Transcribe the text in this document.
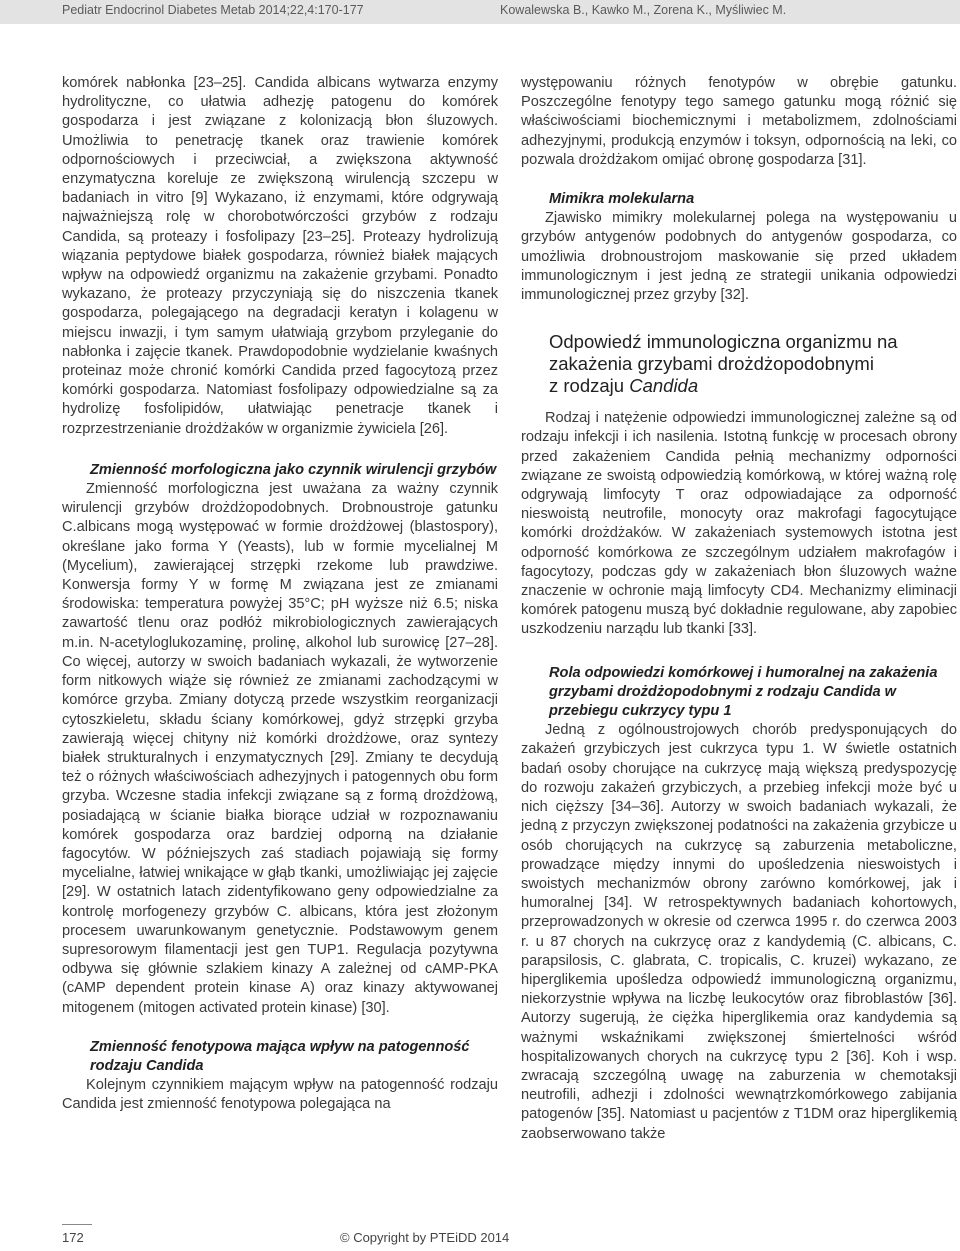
Pediatr Endocrinol Diabetes Metab 2014;22,4:170-177	Kowalewska B., Kawko M., Zorena K., Myśliwiec M.

komórek nabłonka [23–25]. Candida albicans wytwarza enzymy hydrolityczne, co ułatwia adhezję patogenu do komórek gospodarza i jest związane z kolonizacją błon śluzowych. Umożliwia to penetrację tkanek oraz trawienie komórek odpornościowych i przeciwciał, a zwiększona aktywność enzymatyczna koreluje ze zwiększoną wirulencją szczepu w badaniach in vitro [9] Wykazano, iż enzymami, które odgrywają najważniejszą rolę w chorobotwórczości grzybów z rodzaju Candida, są proteazy i fosfolipazy [23–25]. Proteazy hydrolizują wiązania peptydowe białek gospodarza, również białek mających wpływ na odpowiedź organizmu na zakażenie grzybami. Ponadto wykazano, że proteazy przyczyniają się do niszczenia tkanek gospodarza, polegającego na degradacji keratyn i kolagenu w miejscu inwazji, i tym samym ułatwiają grzybom przyleganie do nabłonka i zajęcie tkanek. Prawdopodobnie wydzielanie kwaśnych proteinaz może chronić komórki Candida przed fagocytozą przez komórki gospodarza. Natomiast fosfolipazy odpowiedzialne są za hydrolizę fosfolipidów, ułatwiając penetracje tkanek i rozprzestrzenianie drożdżaków w organizmie żywiciela [26].

Zmienność morfologiczna jako czynnik wirulencji grzybów

Zmienność morfologiczna jest uważana za ważny czynnik wirulencji grzybów drożdżopodobnych. Drobnoustroje gatunku C.albicans mogą występować w formie drożdżowej (blastospory), określane jako forma Y (Yeasts), lub w formie mycelialnej M (Mycelium), zawierającej strzępki rzekome lub prawdziwe. Konwersja formy Y w formę M związana jest ze zmianami środowiska: temperatura powyżej 35°C; pH wyższe niż 6.5; niska zawartość tlenu oraz podłóż mikrobiologicznych zawierających m.in. N-acetyloglukozaminę, prolinę, alkohol lub surowicę [27–28]. Co więcej, autorzy w swoich badaniach wykazali, że wytworzenie form nitkowych wiąże się również ze zmianami zachodzącymi w komórce grzyba. Zmiany dotyczą przede wszystkim reorganizacji cytoszkieletu, składu ściany komórkowej, gdyż strzępki grzyba zawierają więcej chityny niż komórki drożdżowe, oraz syntezy białek strukturalnych i enzymatycznych [29]. Zmiany te decydują też o różnych właściwościach adhezyjnych i patogennych obu form grzyba. Wczesne stadia infekcji związane są z formą drożdżową, posiadającą w ścianie białka biorące udział w rozpoznawaniu komórek gospodarza oraz bardziej odporną na działanie fagocytów. W późniejszych zaś stadiach pojawiają się formy mycelialne, łatwiej wnikające w głąb tkanki, umożliwiając jej zajęcie [29]. W ostatnich latach zidentyfikowano geny odpowiedzialne za kontrolę morfogenezy grzybów C. albicans, która jest złożonym procesem uwarunkowanym genetycznie. Podstawowym genem supresorowym filamentacji jest gen TUP1. Regulacja pozytywna odbywa się głównie szlakiem kinazy A zależnej od cAMP-PKA (cAMP dependent protein kinase A) oraz kinazy aktywowanej mitogenem (mitogen activated protein kinase) [30].

Zmienność fenotypowa mająca wpływ na patogenność rodzaju Candida

Kolejnym czynnikiem mającym wpływ na patogenność rodzaju Candida jest zmienność fenotypowa polegająca na

występowaniu różnych fenotypów w obrębie gatunku. Poszczególne fenotypy tego samego gatunku mogą różnić się właściwościami biochemicznymi i metabolizmem, zdolnościami adhezyjnymi, produkcją enzymów i toksyn, odpornością na leki, co pozwala drożdżakom omijać obronę gospodarza [31].

Mimikra molekularna

Zjawisko mimikry molekularnej polega na występowaniu u grzybów antygenów podobnych do antygenów gospodarza, co umożliwia drobnoustrojom maskowanie się przed układem immunologicznym i jest jedną ze strategii unikania odpowiedzi immunologicznej przez grzyby [32].

Odpowiedź immunologiczna organizmu na
zakażenia grzybami drożdżopodobnymi
z rodzaju Candida

Rodzaj i natężenie odpowiedzi immunologicznej zależne są od rodzaju infekcji i ich nasilenia. Istotną funkcję w procesach obrony przed zakażeniem Candida pełnią mechanizmy odporności związane ze swoistą odpowiedzią komórkową, w której ważną rolę odgrywają limfocyty T oraz odpowiadające za odporność nieswoistą neutrofile, monocyty oraz makrofagi fagocytujące komórki drożdżaków. W zakażeniach systemowych istotna jest odporność komórkowa ze szczególnym udziałem makrofagów i fagocytozy, podczas gdy w zakażeniach błon śluzowych ważne znaczenie w ochronie mają limfocyty CD4. Mechanizmy eliminacji komórek patogenu muszą być dokładnie regulowane, aby zapobiec uszkodzeniu narządu lub tkanki [33].

Rola odpowiedzi komórkowej i humoralnej na zakażenia grzybami drożdżopodobnymi z rodzaju Candida w przebiegu cukrzycy typu 1

Jedną z ogólnoustrojowych chorób predysponujących do zakażeń grzybiczych jest cukrzyca typu 1. W świetle ostatnich badań osoby chorujące na cukrzycę mają większą predyspozycję do rozwoju zakażeń grzybiczych, a przebieg infekcji może być u nich cięższy [34–36]. Autorzy w swoich badaniach wykazali, że jedną z przyczyn zwiększonej podatności na zakażenia grzybicze u osób chorujących na cukrzycę są zaburzenia metaboliczne, prowadzące między innymi do upośledzenia nieswoistych i swoistych mechanizmów obrony zarówno komórkowej, jak i humoralnej [34]. W retrospektywnych badaniach kohortowych, przeprowadzonych w okresie od czerwca 1995 r. do czerwca 2003 r. u 87 chorych na cukrzycę oraz z kandydemią (C. albicans, C. parapsilosis, C. glabrata, C. tropicalis, C. kruzei) wykazano, ze hiperglikemia upośledza odpowiedź immunologiczną organizmu, niekorzystnie wpływa na liczbę leukocytów oraz fibroblastów [36]. Autorzy sugerują, że ciężka hiperglikemia oraz kandydemia są ważnymi wskaźnikami zwiększonej śmiertelności wśród hospitalizowanych chorych na cukrzycę typu 2 [36]. Koh i wsp. zwracają szczególną uwagę na zaburzenia w chemotaksji neutrofili, adhezji i zdolności wewnątrzkomórkowego zabijania patogenów [35]. Natomiast u pacjentów z T1DM oraz hiperglikemią zaobserwowano także

172	© Copyright by PTEiDD 2014
